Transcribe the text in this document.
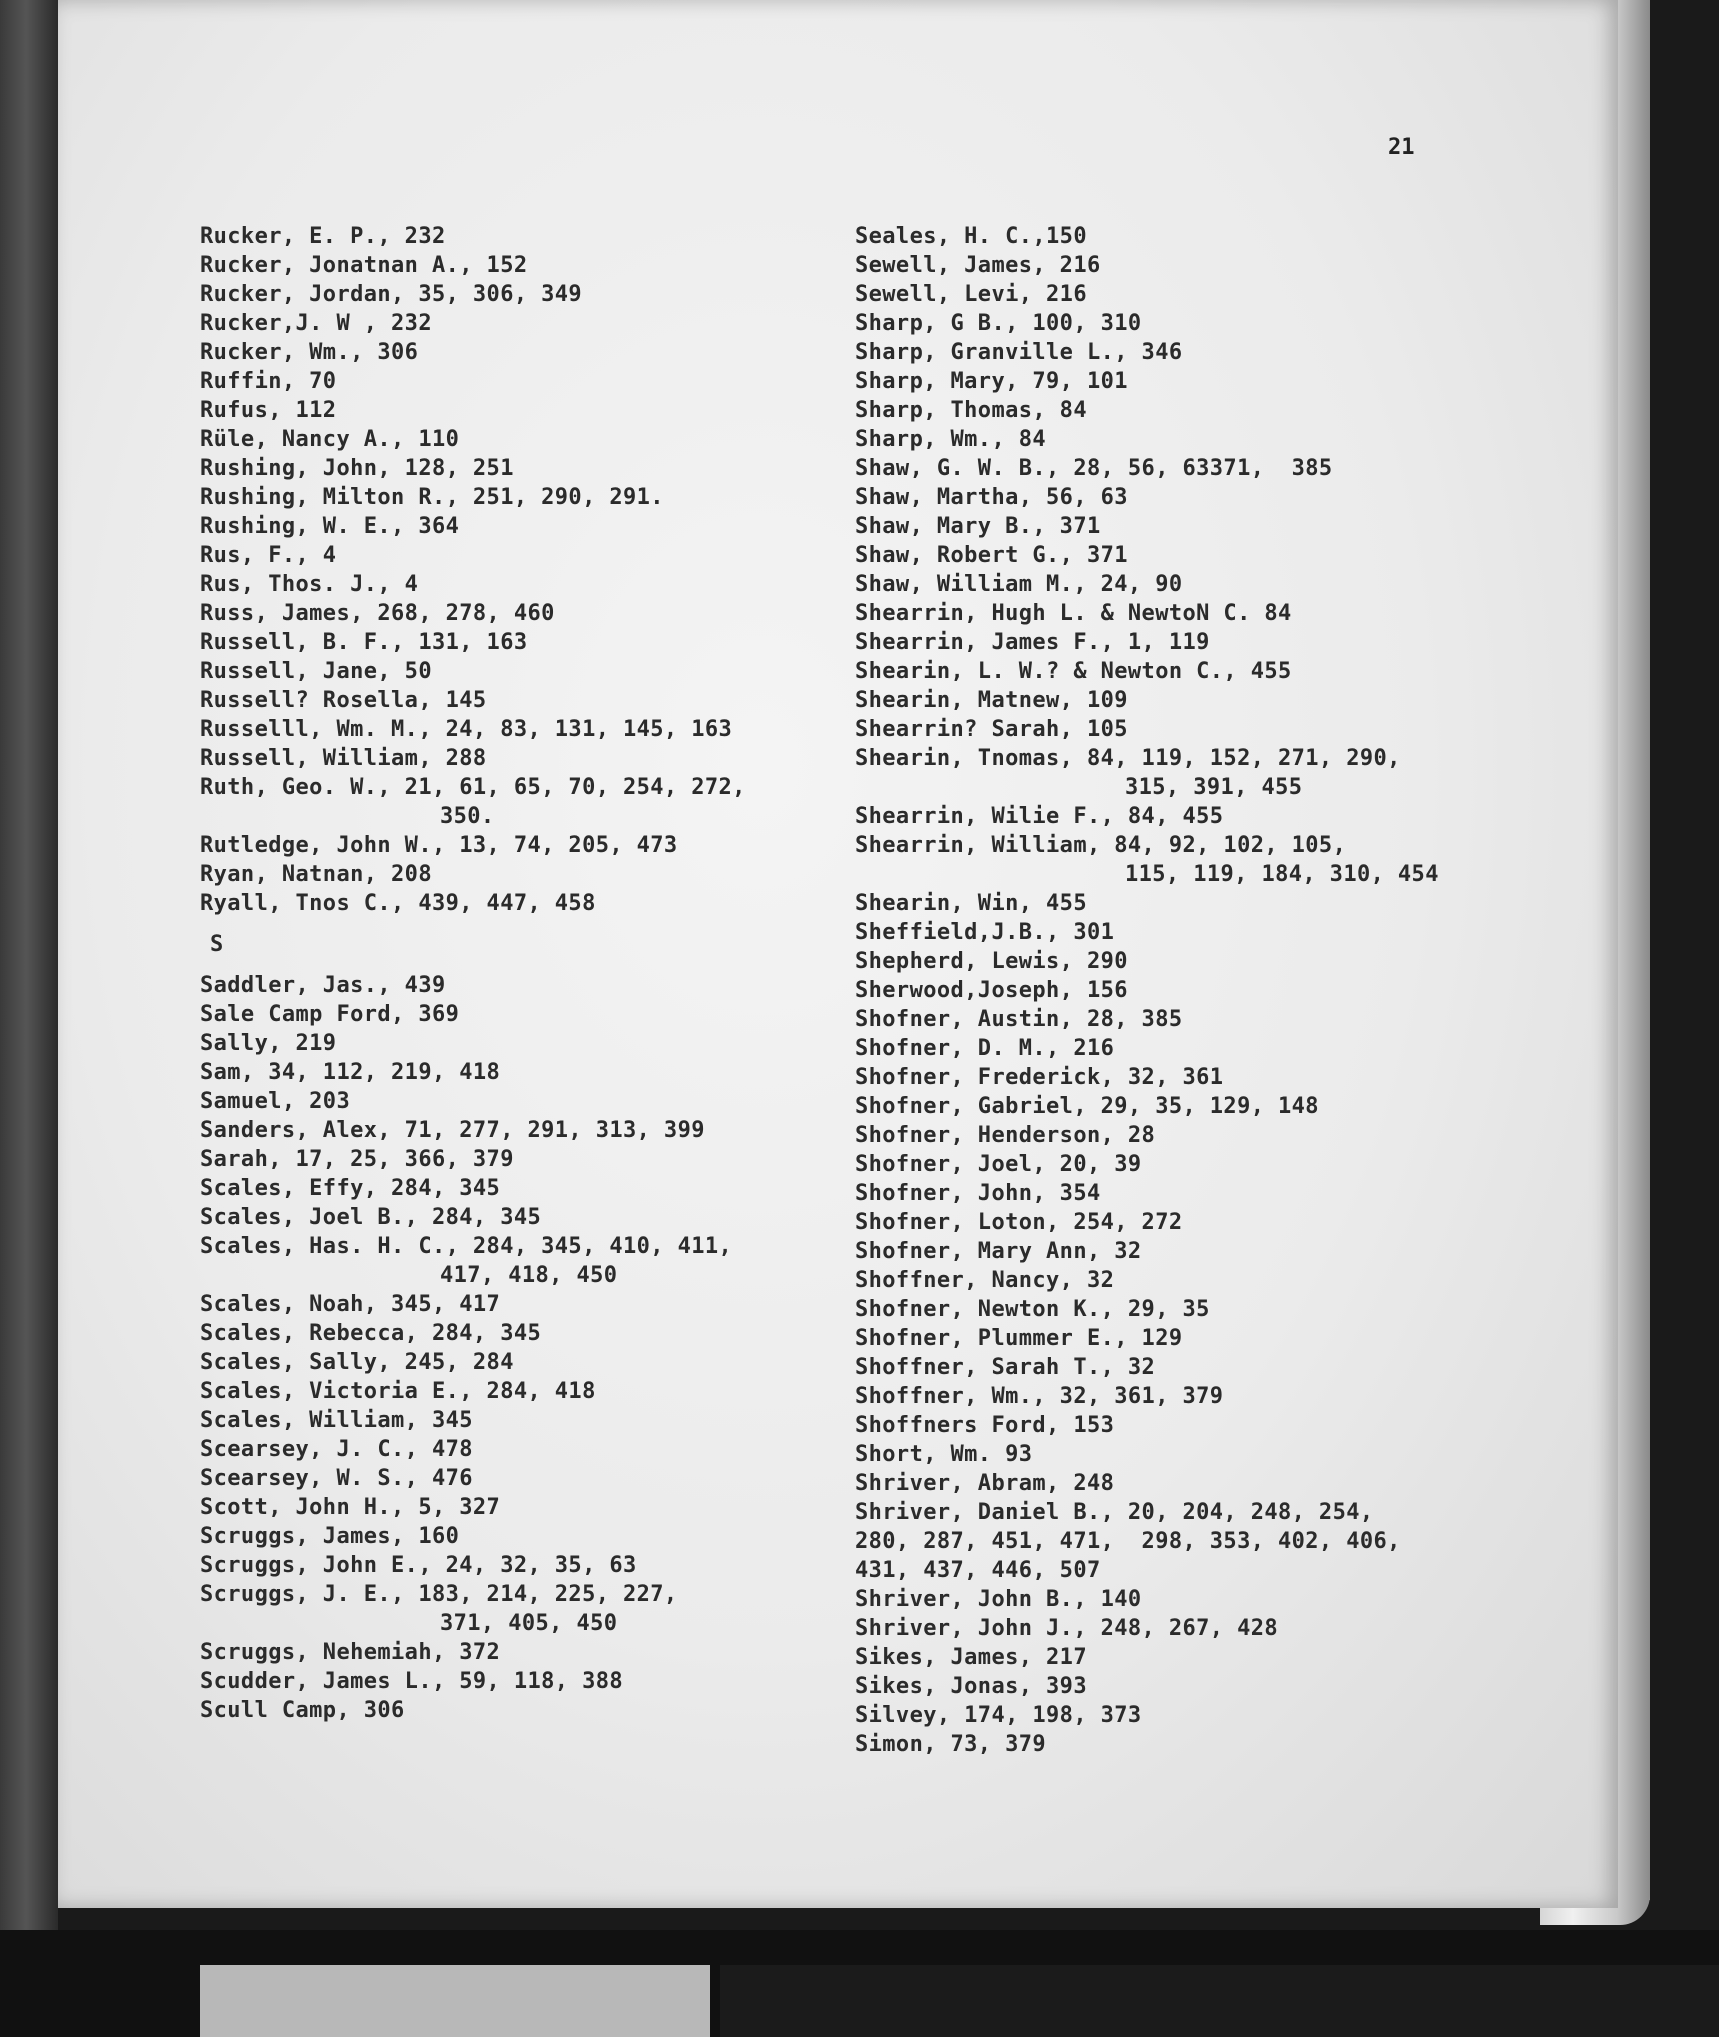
21
Rucker, E. P., 232
Rucker, Jonatnan A., 152
Rucker, Jordan, 35, 306, 349
Rucker,J. W , 232
Rucker, Wm., 306
Ruffin, 70
Rufus, 112
Rüle, Nancy A., 110
Rushing, John, 128, 251
Rushing, Milton R., 251, 290, 291.
Rushing, W. E., 364
Rus, F., 4
Rus, Thos. J., 4
Russ, James, 268, 278, 460
Russell, B. F., 131, 163
Russell, Jane, 50
Russell? Rosella, 145
Russelll, Wm. M., 24, 83, 131, 145, 163
Russell, William, 288
Ruth, Geo. W., 21, 61, 65, 70, 254, 272,
350.
Rutledge, John W., 13, 74, 205, 473
Ryan, Natnan, 208
Ryall, Tnos C., 439, 447, 458
S
Saddler, Jas., 439
Sale Camp Ford, 369
Sally, 219
Sam, 34, 112, 219, 418
Samuel, 203
Sanders, Alex, 71, 277, 291, 313, 399
Sarah, 17, 25, 366, 379
Scales, Effy, 284, 345
Scales, Joel B., 284, 345
Scales, Has. H. C., 284, 345, 410, 411,
417, 418, 450
Scales, Noah, 345, 417
Scales, Rebecca, 284, 345
Scales, Sally, 245, 284
Scales, Victoria E., 284, 418
Scales, William, 345
Scearsey, J. C., 478
Scearsey, W. S., 476
Scott, John H., 5, 327
Scruggs, James, 160
Scruggs, John E., 24, 32, 35, 63
Scruggs, J. E., 183, 214, 225, 227,
371, 405, 450
Scruggs, Nehemiah, 372
Scudder, James L., 59, 118, 388
Scull Camp, 306
Seales, H. C.,150
Sewell, James, 216
Sewell, Levi, 216
Sharp, G B., 100, 310
Sharp, Granville L., 346
Sharp, Mary, 79, 101
Sharp, Thomas, 84
Sharp, Wm., 84
Shaw, G. W. B., 28, 56, 63371,  385
Shaw, Martha, 56, 63
Shaw, Mary B., 371
Shaw, Robert G., 371
Shaw, William M., 24, 90
Shearrin, Hugh L. & NewtoN C. 84
Shearrin, James F., 1, 119
Shearin, L. W.? & Newton C., 455
Shearin, Matnew, 109
Shearrin? Sarah, 105
Shearin, Tnomas, 84, 119, 152, 271, 290,
315, 391, 455
Shearrin, Wilie F., 84, 455
Shearrin, William, 84, 92, 102, 105,
115, 119, 184, 310, 454
Shearin, Win, 455
Sheffield,J.B., 301
Shepherd, Lewis, 290
Sherwood,Joseph, 156
Shofner, Austin, 28, 385
Shofner, D. M., 216
Shofner, Frederick, 32, 361
Shofner, Gabriel, 29, 35, 129, 148
Shofner, Henderson, 28
Shofner, Joel, 20, 39
Shofner, John, 354
Shofner, Loton, 254, 272
Shofner, Mary Ann, 32
Shoffner, Nancy, 32
Shofner, Newton K., 29, 35
Shofner, Plummer E., 129
Shoffner, Sarah T., 32
Shoffner, Wm., 32, 361, 379
Shoffners Ford, 153
Short, Wm. 93
Shriver, Abram, 248
Shriver, Daniel B., 20, 204, 248, 254,
280, 287, 451, 471,  298, 353, 402, 406,
431, 437, 446, 507
Shriver, John B., 140
Shriver, John J., 248, 267, 428
Sikes, James, 217
Sikes, Jonas, 393
Silvey, 174, 198, 373
Simon, 73, 379
